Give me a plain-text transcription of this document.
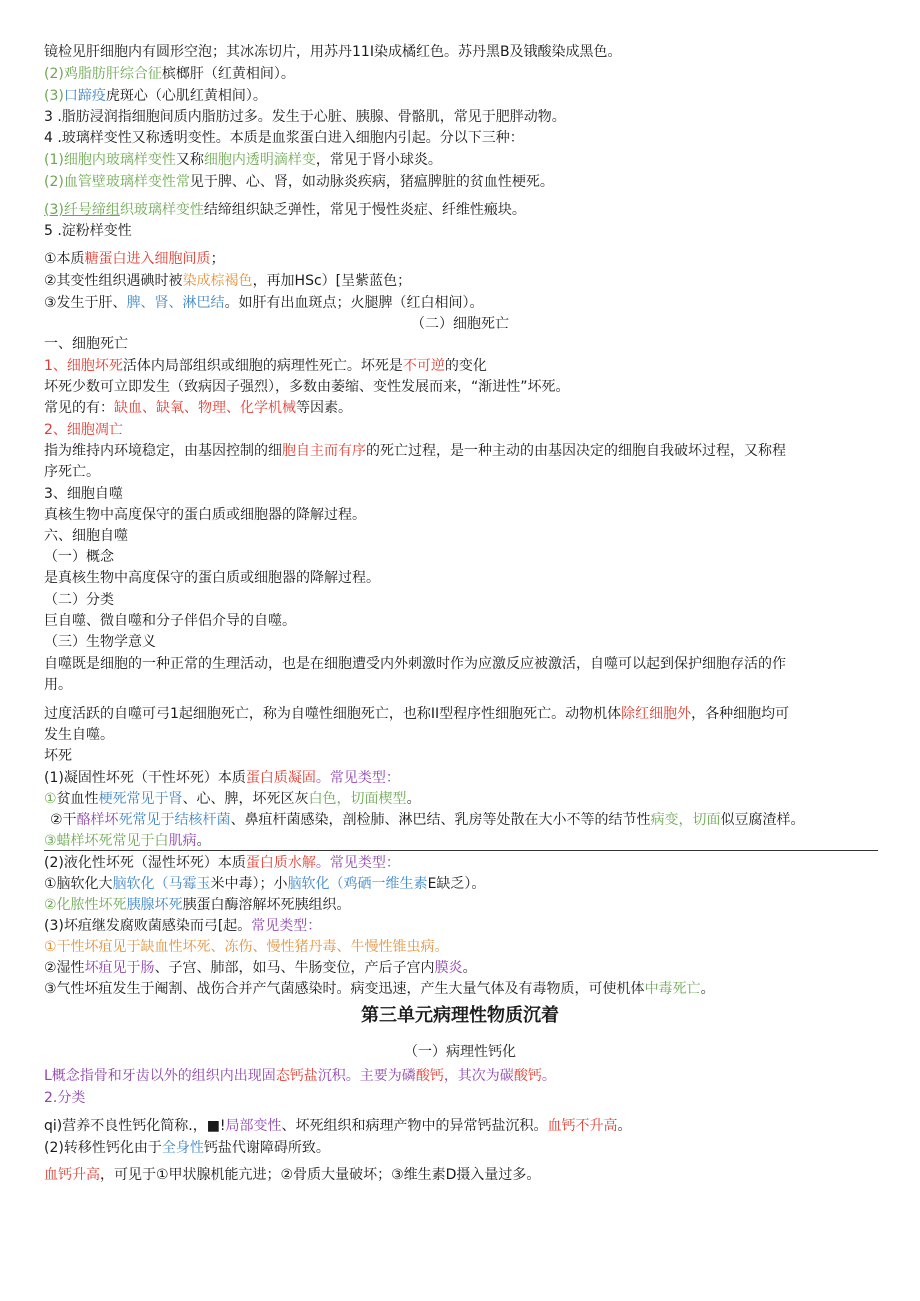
镜检见肝细胞内有圆形空泡；其冰冻切片，用苏丹11I染成橘红色。苏丹黑B及锇酸染成黑色。
(2)鸡脂肪肝综合征槟榔肝（红黄相间）。
(3)口蹄疫虎斑心（心肌红黄相间）。
3 .脂肪浸润指细胞间质内脂肪过多。发生于心脏、胰腺、骨骼肌，常见于肥胖动物。
4 .玻璃样变性又称透明变性。本质是血浆蛋白进入细胞内引起。分以下三种：
(1)细胞内玻璃样变性又称细胞内透明滴样变，常见于肾小球炎。
(2)血管壁玻璃样变性常见于脾、心、肾，如动脉炎疾病，猪瘟脾脏的贫血性梗死。
(3)纤号缔组织玻璃样变性结缔组织缺乏弹性，常见于慢性炎症、纤维性瘢块。
5 .淀粉样变性
①本质糖蛋白进入细胞间质；
②其变性组织遇碘时被染成棕褐色，再加HSc）[呈紫蓝色；
③发生于肝、脾、肾、淋巴结。如肝有出血斑点；火腿脾（红白相间）。
（二）细胞死亡
一、细胞死亡
1、细胞坏死活体内局部组织或细胞的病理性死亡。坏死是不可逆的变化
坏死少数可立即发生（致病因子强烈），多数由萎缩、变性发展而来，“渐进性”坏死。
常见的有：缺血、缺氧、物理、化学机械等因素。
2、细胞凋亡
指为维持内环境稳定，由基因控制的细胞自主而有序的死亡过程，是一种主动的由基因决定的细胞自我破坏过程，又称程
序死亡。
3、细胞自噬
真核生物中高度保守的蛋白质或细胞器的降解过程。
六、细胞自噬
（一）概念
是真核生物中高度保守的蛋白质或细胞器的降解过程。
（二）分类
巨自噬、微自噬和分子伴侣介导的自噬。
（三）生物学意义
自噬既是细胞的一种正常的生理活动，也是在细胞遭受内外刺激时作为应激反应被激活，自噬可以起到保护细胞存活的作
用。
过度活跃的自噬可弓1起细胞死亡，称为自噬性细胞死亡，也称II型程序性细胞死亡。动物机体除红细胞外，各种细胞均可
发生自噬。
坏死
(1)凝固性坏死（干性坏死）本质蛋白质凝固。常见类型：
①贫血性梗死常见于肾、心、脾，坏死区灰白色，切面楔型。
②干酪样坏死常见于结核杆菌、鼻疽杆菌感染，剖检肺、淋巴结、乳房等处散在大小不等的结节性病变，切面似豆腐渣样。
③蜡样坏死常见于白肌病。
(2)液化性坏死（湿性坏死）本质蛋白质水解。常见类型：
①脑软化大脑软化（马霉玉米中毒）；小脑软化（鸡硒一维生素E缺乏）。
②化脓性坏死胰腺坏死胰蛋白酶溶解坏死胰组织。
(3)坏疽继发腐败菌感染而弓[起。常见类型：
①干性坏疽见于缺血性坏死、冻伤、慢性猪丹毒、牛慢性锥虫病。
②湿性坏疽见于肠、子宫、肺部，如马、牛肠变位，产后子宫内膜炎。
③气性坏疽发生于阉割、战伤合并产气菌感染时。病变迅速，产生大量气体及有毒物质，可使机体中毒死亡。
第三单元病理性物质沉着
（一）病理性钙化
L概念指骨和牙齿以外的组织内出现固态钙盐沉积。主要为磷酸钙，其次为碳酸钙。
2.分类
qi)营养不良性钙化简称.，■!局部变性、坏死组织和病理产物中的异常钙盐沉积。血钙不升高。
(2)转移性钙化由于全身性钙盐代谢障碍所致。
血钙升高，可见于①甲状腺机能亢进；②骨质大量破坏；③维生素D摄入量过多。
